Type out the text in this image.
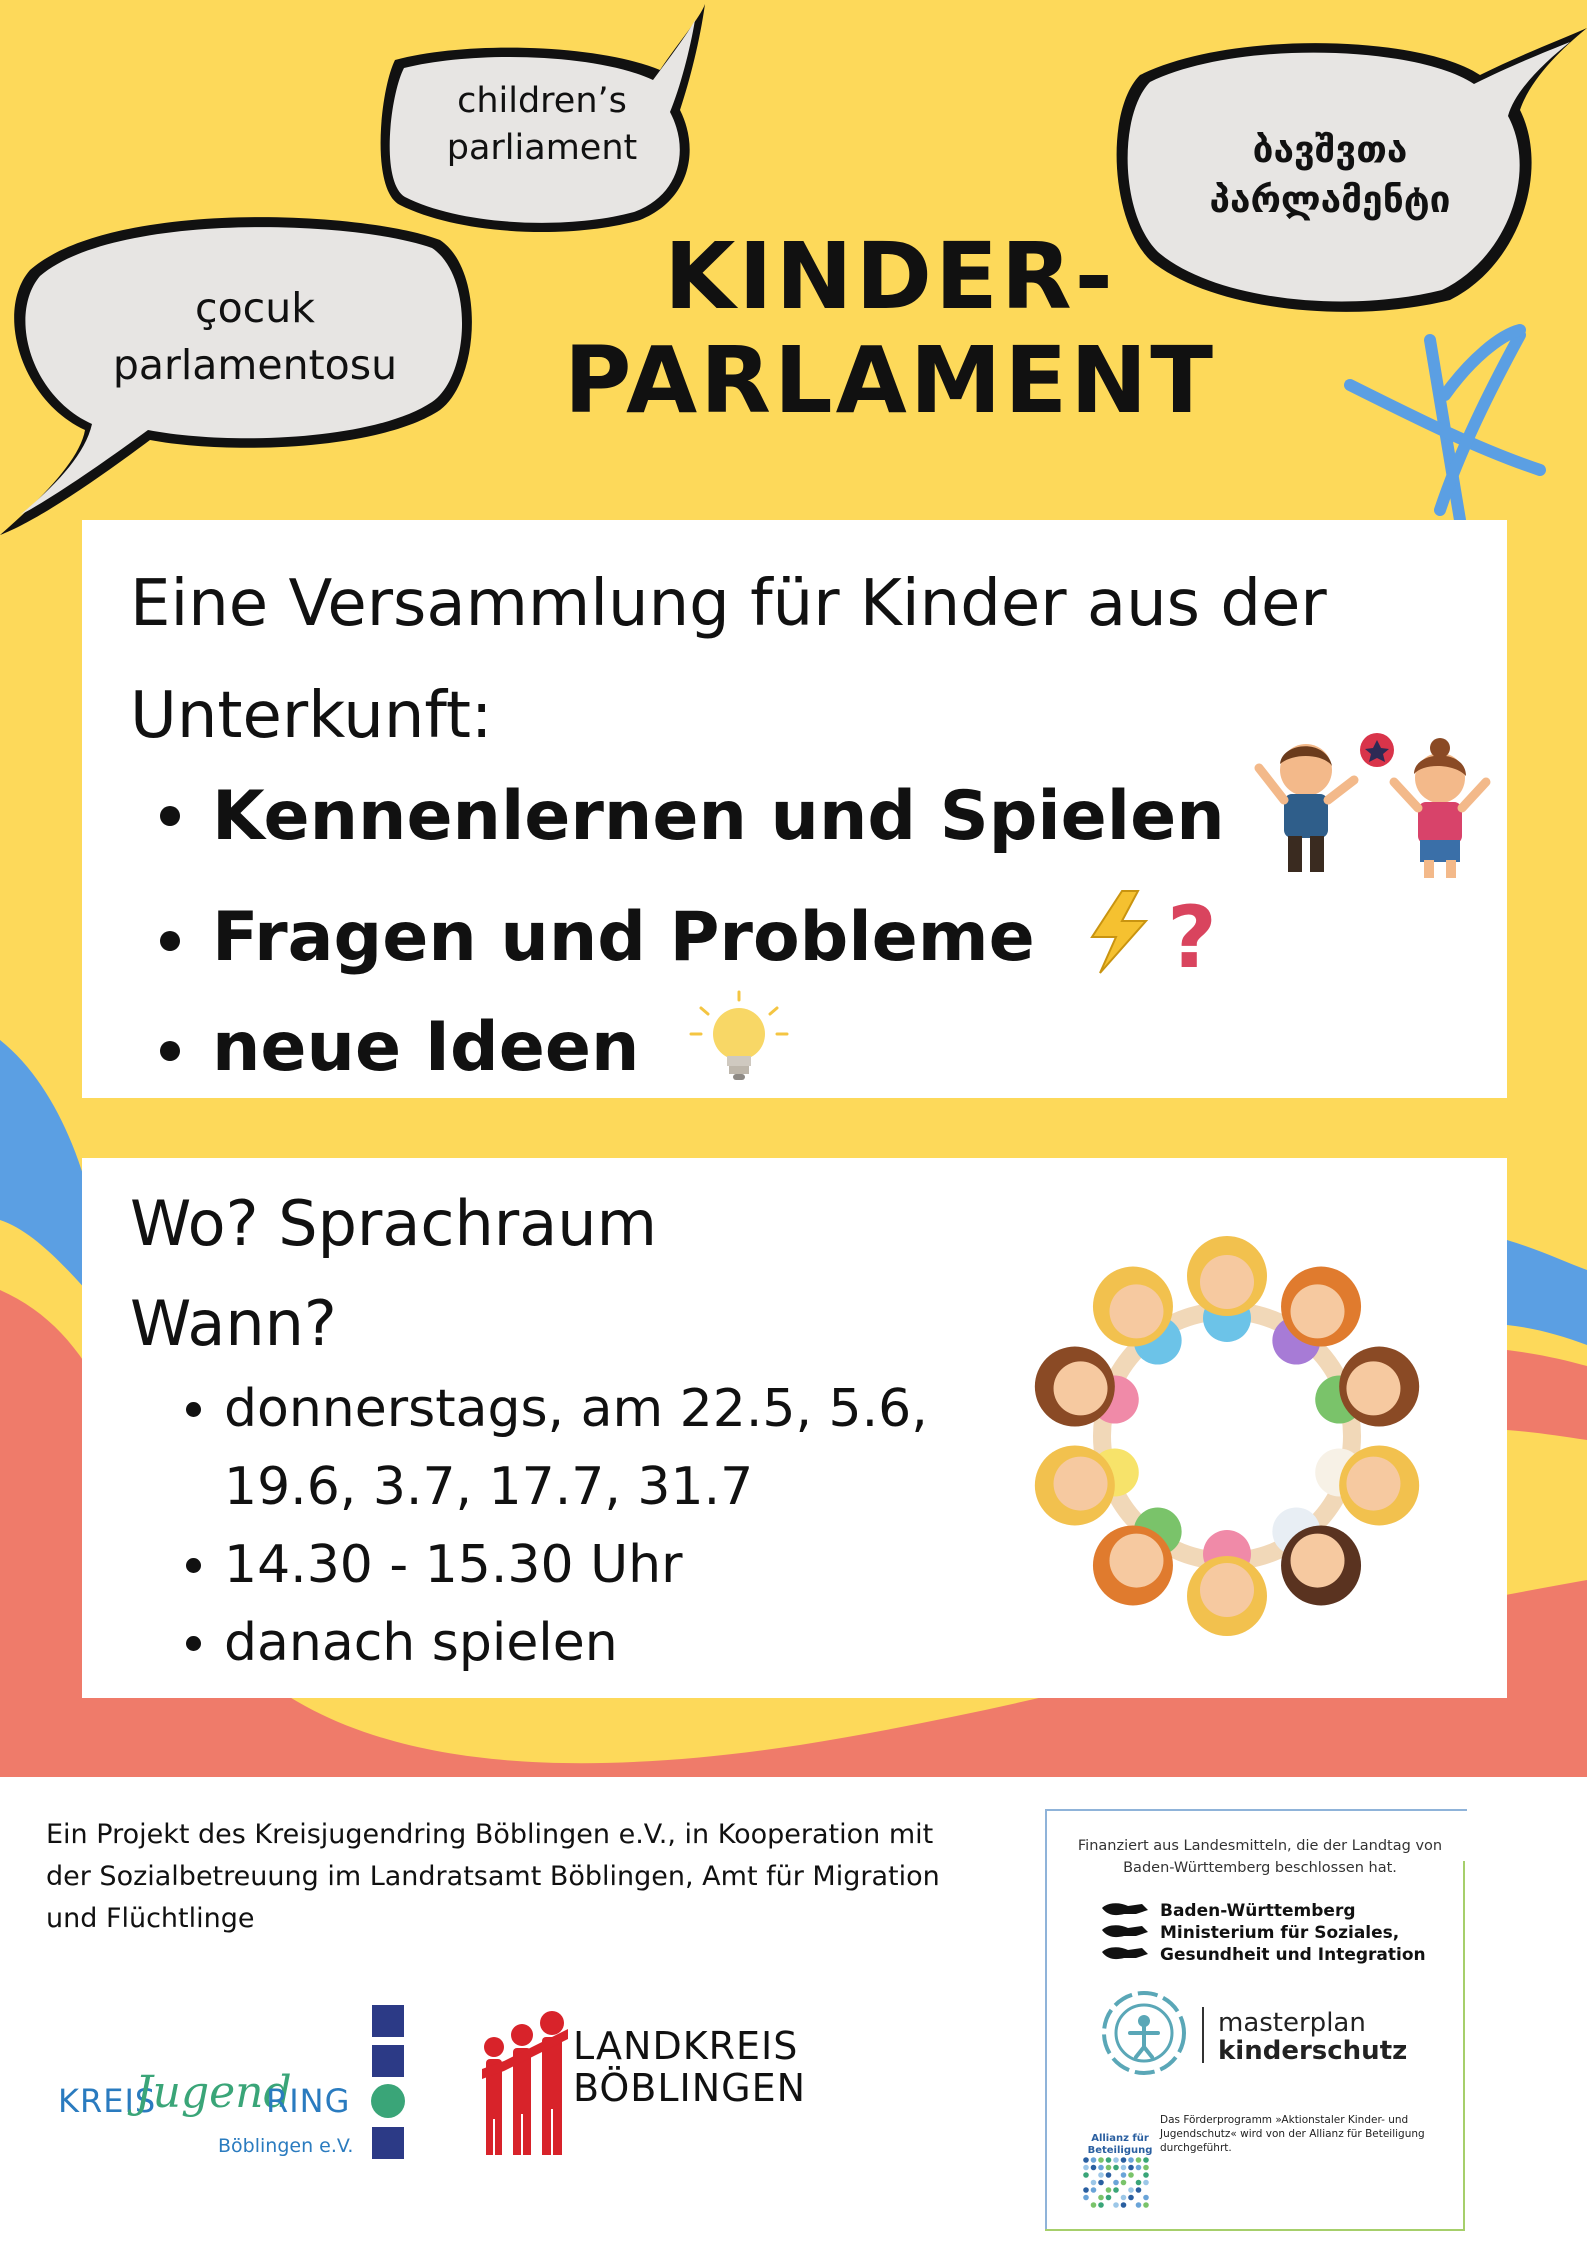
children’s parliament	ბავშვთა პარლამენტი
çocuk parlamentosu
KINDER-
PARLAMENT
Eine Versammlung für Kinder aus der Unterkunft:
Kennenlernen und Spielen
Fragen und Probleme ?
neue Ideen
Wo? Sprachraum
Wann?
donnerstags, am 22.5, 5.6, 19.6, 3.7, 17.7, 31.7
14.30 - 15.30 Uhr
danach spielen
Ein Projekt des Kreisjugendring Böblingen e.V., in Kooperation mit der Sozialbetreuung im Landratsamt Böblingen, Amt für Migration und Flüchtlinge
Finanziert aus Landesmitteln, die der Landtag von Baden-Württemberg beschlossen hat.
Baden-Württemberg
Ministerium für Soziales,
Gesundheit und Integration
masterplan
kinderschutz
Allianz für Beteiligung
Das Förderprogramm »Aktionstaler Kinder- und Jugendschutz« wird von der Allianz für Beteiligung durchgeführt.
KREIS
Jugend
RING
Böblingen e.V.
LANDKREIS
BÖBLINGEN
